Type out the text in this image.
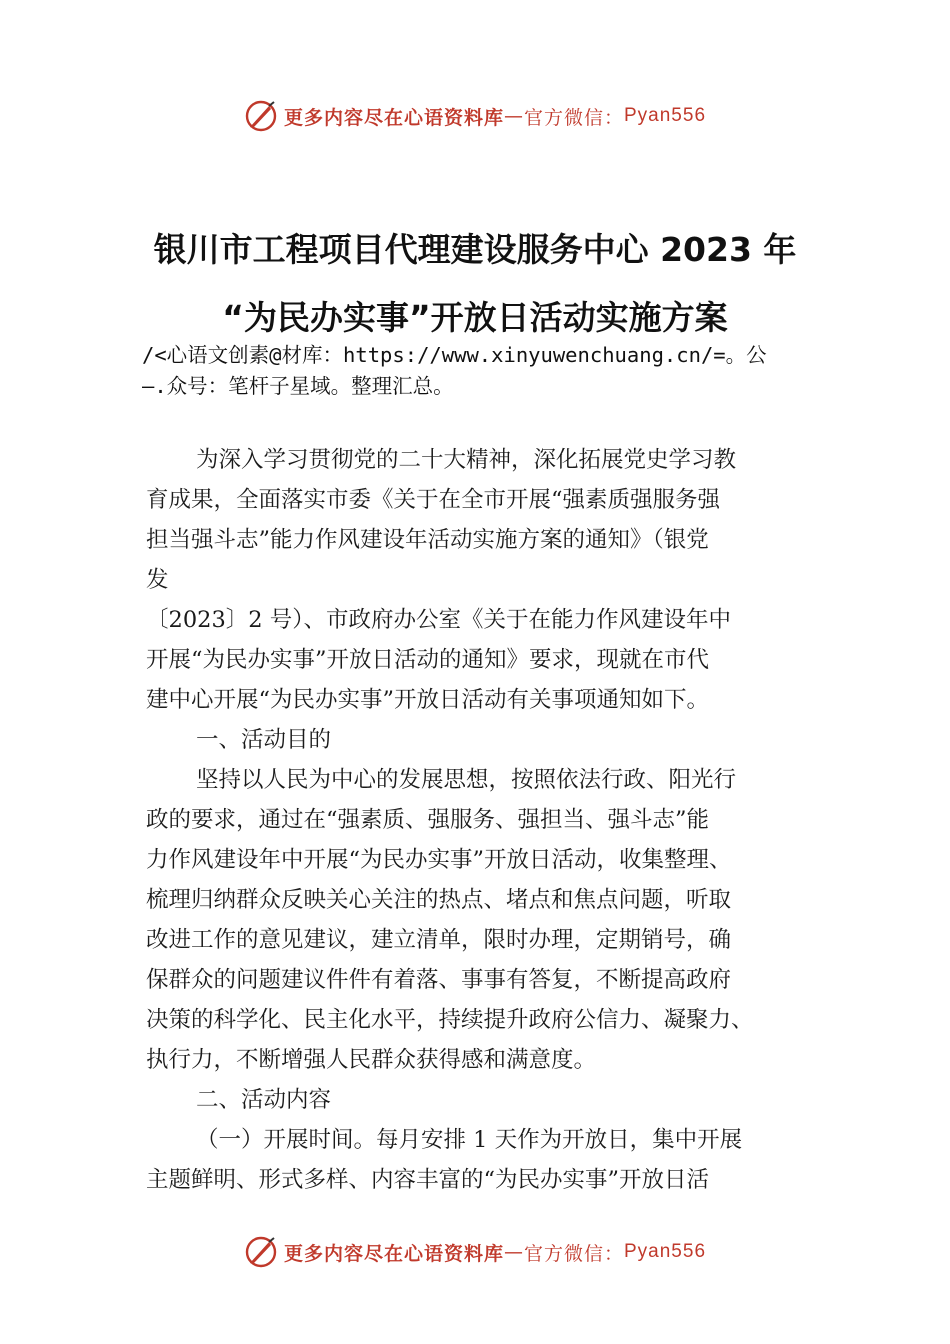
更多内容尽在心语资料库 — 官方微信： Pyan556
银川市工程项目代理建设服务中心 2023 年
“为民办实事”开放日活动实施方案
/<心语文创素@材库：https://www.xinyuwenchuang.cn/=。公
—.众号：笔杆子星域。整理汇总。
为深入学习贯彻党的二十大精神，深化拓展党史学习教
育成果，全面落实市委《关于在全市开展“强素质强服务强
担当强斗志”能力作风建设年活动实施方案的通知》（银党
发
〔2023〕2 号）、市政府办公室《关于在能力作风建设年中
开展“为民办实事”开放日活动的通知》要求，现就在市代
建中心开展“为民办实事”开放日活动有关事项通知如下。
一、活动目的
坚持以人民为中心的发展思想，按照依法行政、阳光行
政的要求，通过在“强素质、强服务、强担当、强斗志”能
力作风建设年中开展“为民办实事”开放日活动，收集整理、
梳理归纳群众反映关心关注的热点、堵点和焦点问题，听取
改进工作的意见建议，建立清单，限时办理，定期销号，确
保群众的问题建议件件有着落、事事有答复，不断提高政府
决策的科学化、民主化水平，持续提升政府公信力、凝聚力、
执行力，不断增强人民群众获得感和满意度。
二、活动内容
（一）开展时间。每月安排 1 天作为开放日，集中开展
主题鲜明、形式多样、内容丰富的“为民办实事”开放日活
更多内容尽在心语资料库 — 官方微信： Pyan556
